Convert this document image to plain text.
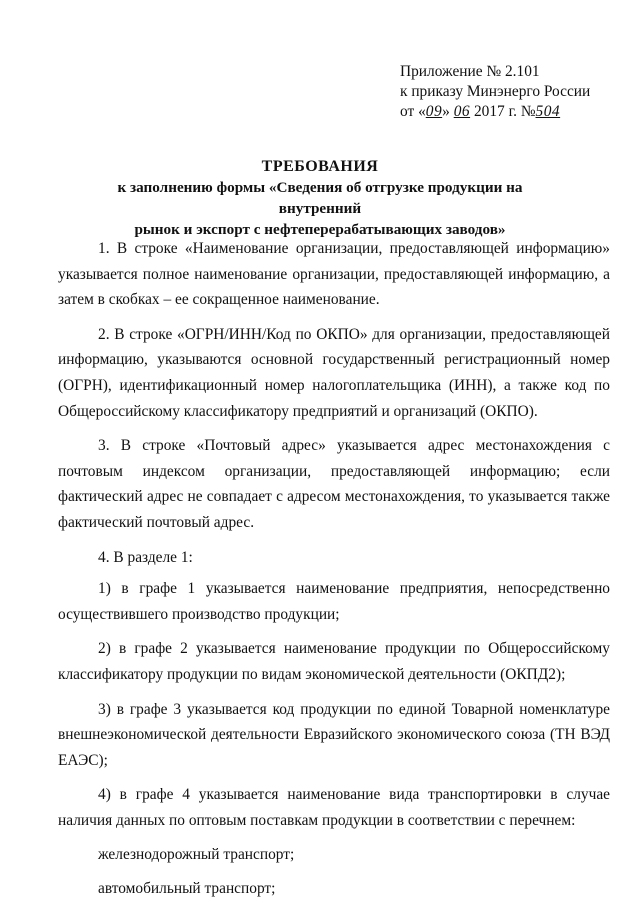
Приложение № 2.101
к приказу Минэнерго России
от «09» 06 2017 г. №504
ТРЕБОВАНИЯ
к заполнению формы «Сведения об отгрузке продукции на внутренний
рынок и экспорт с нефтеперерабатывающих заводов»

1. В строке «Наименование организации, предоставляющей информацию» указывается полное наименование организации, предоставляющей информацию, а затем в скобках – ее сокращенное наименование.

2. В строке «ОГРН/ИНН/Код по ОКПО» для организации, предоставляющей информацию, указываются основной государственный регистрационный номер (ОГРН), идентификационный номер налогоплательщика (ИНН), а также код по Общероссийскому классификатору предприятий и организаций (ОКПО).

3. В строке «Почтовый адрес» указывается адрес местонахождения с почтовым индексом организации, предоставляющей информацию; если фактический адрес не совпадает с адресом местонахождения, то указывается также фактический почтовый адрес.

4. В разделе 1:

1) в графе 1 указывается наименование предприятия, непосредственно осуществившего производство продукции;

2) в графе 2 указывается наименование продукции по Общероссийскому классификатору продукции по видам экономической деятельности (ОКПД2);

3) в графе 3 указывается код продукции по единой Товарной номенклатуре внешнеэкономической деятельности Евразийского экономического союза (ТН ВЭД ЕАЭС);

4) в графе 4 указывается наименование вида транспортировки в случае наличия данных по оптовым поставкам продукции в соответствии с перечнем:

железнодорожный транспорт;

автомобильный транспорт;
